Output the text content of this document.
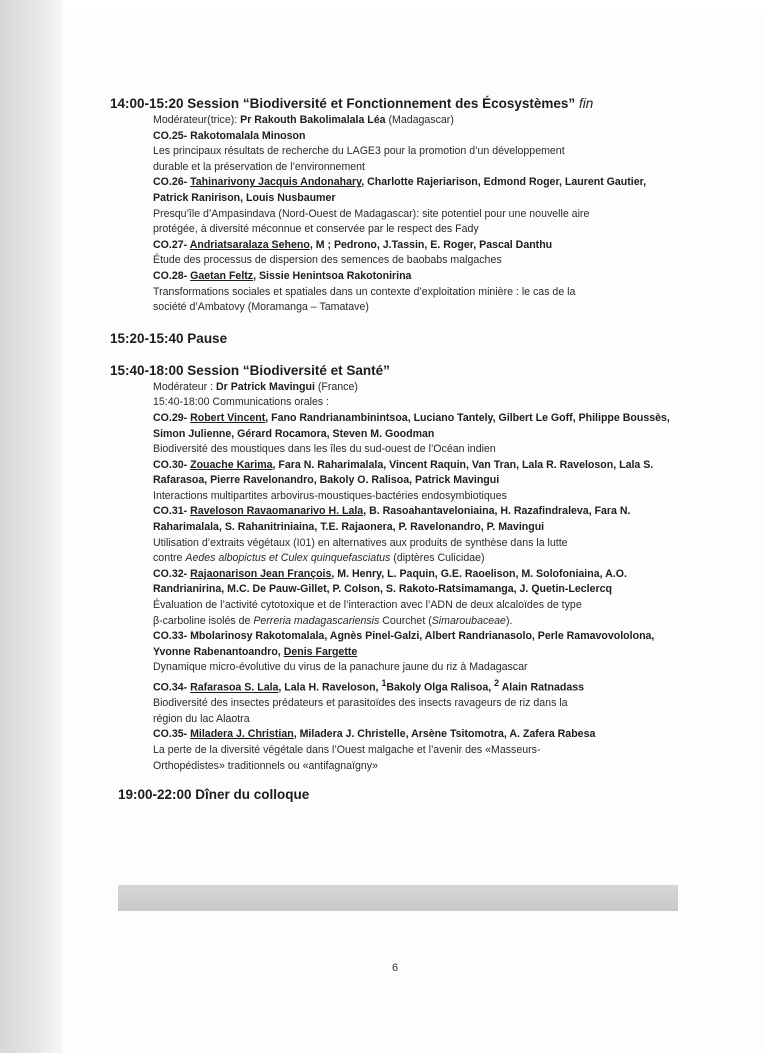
14:00-15:20 Session “Biodiversité et Fonctionnement des Écosystèmes” fin

Modérateur(trice): Pr Rakouth Bakolimalala Léa (Madagascar)
CO.25- Rakotomalala Minoson
Les principaux résultats de recherche du LAGE3 pour la promotion d’un développement
durable et la préservation de l’environnement
CO.26- Tahinarivony Jacquis Andonahary, Charlotte Rajeriarison, Edmond Roger, Laurent Gautier, Patrick Ranirison, Louis Nusbaumer
Presqu’île d’Ampasindava (Nord-Ouest de Madagascar): site potentiel pour une nouvelle aire
protégée, à diversité méconnue et conservée par le respect des Fady
CO.27- Andriatsaralaza Seheno, M ; Pedrono, J.Tassin, E. Roger, Pascal Danthu
Étude des processus de dispersion des semences de baobabs malgaches
CO.28- Gaetan Feltz, Sissie Henintsoa Rakotonirina
Transformations sociales et spatiales dans un contexte d’exploitation minière : le cas de la
société d’Ambatovy (Moramanga – Tamatave)

15:20-15:40 Pause

15:40-18:00 Session “Biodiversité et Santé”

Modérateur : Dr Patrick Mavingui (France)
15:40-18:00 Communications orales :
CO.29- Robert Vincent, Fano Randrianambinintsoa, Luciano Tantely, Gilbert Le Goff, Philippe Boussès, Simon Julienne, Gérard Rocamora, Steven M. Goodman
Biodiversité des moustiques dans les îles du sud-ouest de l’Océan indien
CO.30- Zouache Karima, Fara N. Raharimalala, Vincent Raquin, Van Tran, Lala R. Raveloson, Lala S. Rafarasoa, Pierre Ravelonandro, Bakoly O. Ralisoa, Patrick Mavingui
Interactions multipartites arbovirus-moustiques-bactéries endosymbiotiques
CO.31- Raveloson Ravaomanarivo H. Lala, B. Rasoahantaveloniaina, H. Razafindraleva, Fara N. Raharimalala, S. Rahanitriniaina, T.E. Rajaonera, P. Ravelonandro, P. Mavingui
Utilisation d’extraits végétaux (I01) en alternatives aux produits de synthèse dans la lutte
contre Aedes albopictus et Culex quinquefasciatus (diptères Culicidae)
CO.32- Rajaonarison Jean François, M. Henry, L. Paquin, G.E. Raoelison, M. Solofoniaina, A.O. Randrianirina, M.C. De Pauw-Gillet, P. Colson, S. Rakoto-Ratsimamanga, J. Quetin-Leclercq
Évaluation de l’activité cytotoxique et de l’interaction avec l’ADN de deux alcaloïdes de type
β-carboline isolés de Perreria madagascariensis Courchet (Simaroubaceae).
CO.33- Mbolarinosy Rakotomalala, Agnès Pinel-Galzi, Albert Randrianasolo, Perle Ramavovololona, Yvonne Rabenantoandro, Denis Fargette
Dynamique micro-évolutive du virus de la panachure jaune du riz à Madagascar
CO.34- Rafarasoa S. Lala, Lala H. Raveloson, $^1$Bakoly Olga Ralisoa, $^2$ Alain Ratnadass
Biodiversité des insectes prédateurs et parasitoïdes des insects ravageurs de riz dans la
région du lac Alaotra
CO.35- Miladera J. Christian, Miladera J. Christelle, Arsène Tsitomotra, A. Zafera Rabesa
La perte de la diversité végétale dans l’Ouest malgache et l’avenir des «Masseurs-
Orthopédistes» traditionnels ou «antifagnaïgny»

19:00-22:00 Dîner du colloque

6
